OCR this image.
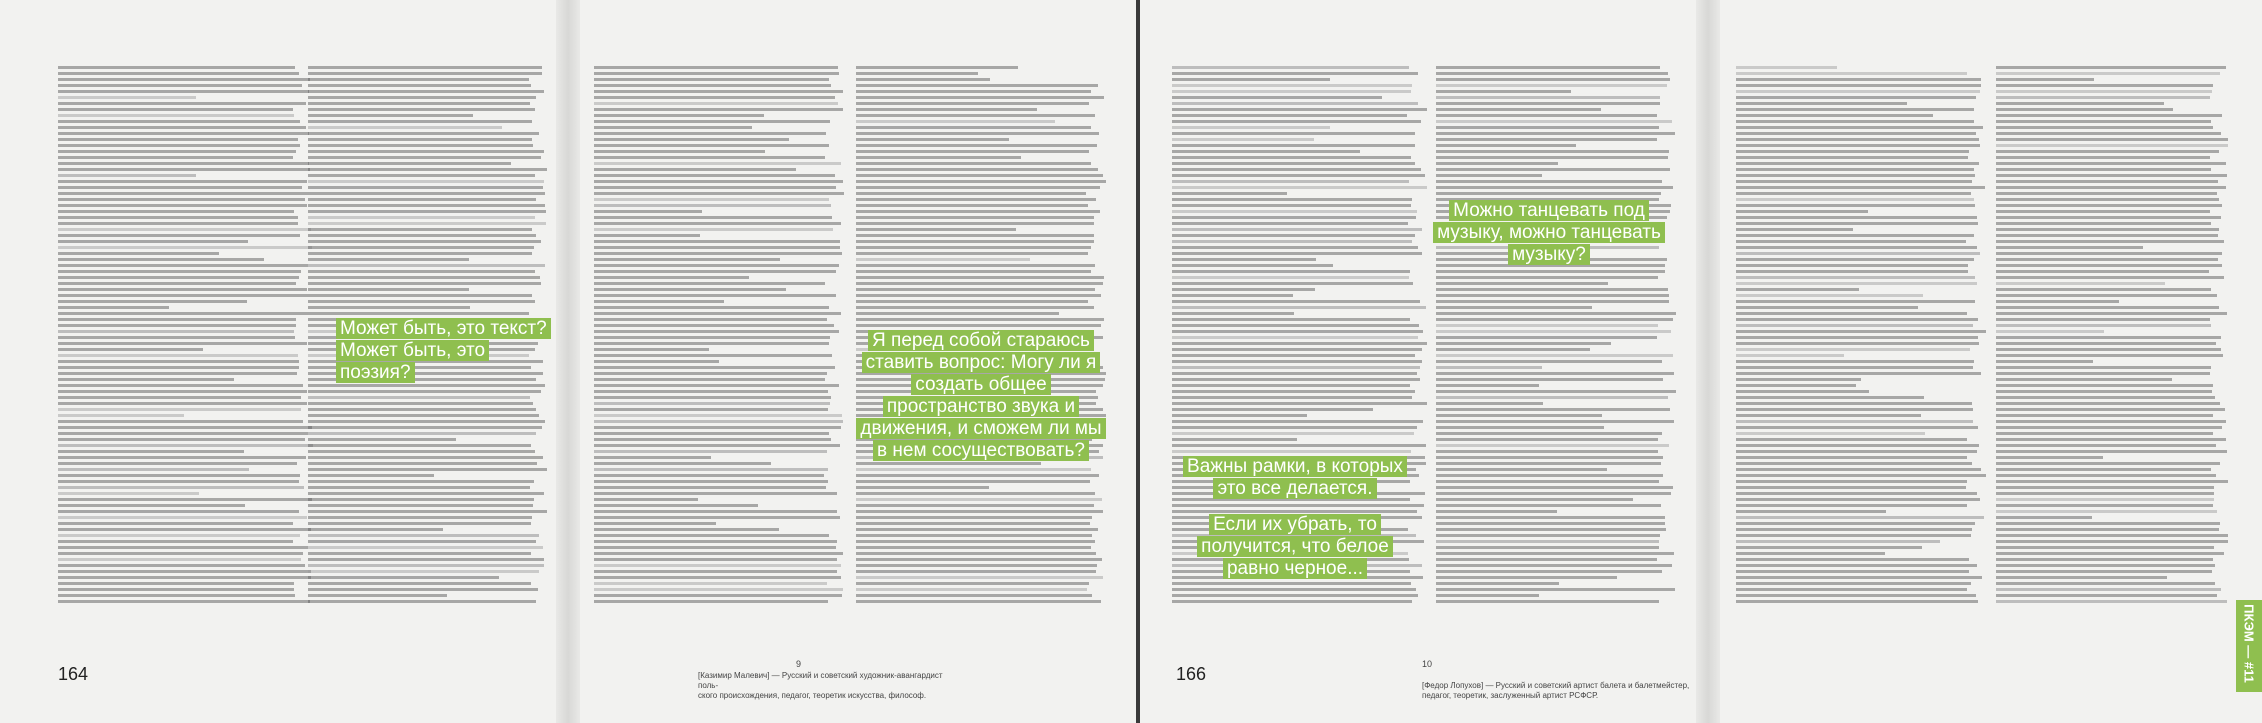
164	9
[Казимир Малевич] — Русский и советский художник-авангардист поль-
ского происхождения, педагог, теоретик искусства, философ.
Может быть, это текст? Может быть, это поэзия?
Я перед собой стараюсь ставить вопрос: Могу ли я создать общее пространство звука и движения, и сможем ли мы в нем сосуществовать?
166	10
[Федор Лопухов] — Русский и советский артист балета и балетмейстер,
педагог, теоретик, заслуженный артист РСФСР.
ПКЭМ — #11
Можно танцевать под музыку, можно танцевать музыку?
Важны рамки, в которых это все делается.
Если их убрать, то получится, что белое равно черное...
